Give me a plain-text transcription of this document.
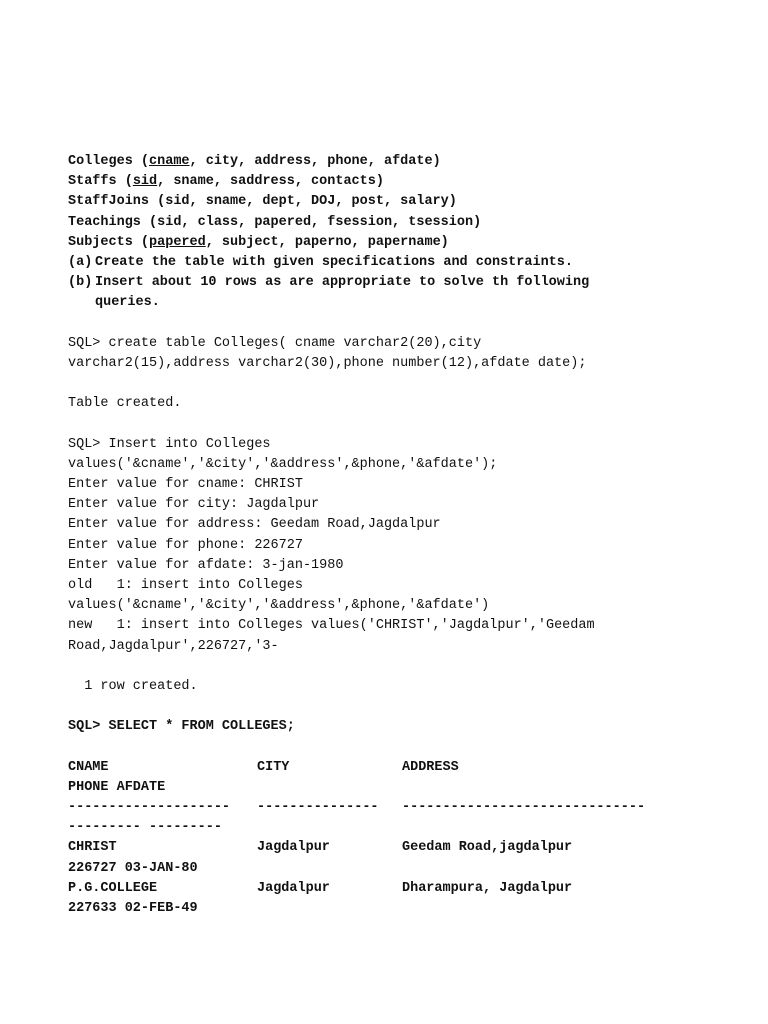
Colleges (cname, city, address, phone, afdate)
Staffs (sid, sname, saddress, contacts)
StaffJoins (sid, sname, dept, DOJ, post, salary)
Teachings (sid, class, papered, fsession, tsession)
Subjects (papered, subject, paperno, papername)
(a) Create the table with given specifications and constraints.
(b) Insert about 10 rows as are appropriate to solve th following
queries.
SQL> create table Colleges( cname varchar2(20),city
varchar2(15),address varchar2(30),phone number(12),afdate date);
Table created.
SQL> Insert into Colleges
values('&cname','&city','&address',&phone,'&afdate');
Enter value for cname: CHRIST
Enter value for city: Jagdalpur
Enter value for address: Geedam Road,Jagdalpur
Enter value for phone: 226727
Enter value for afdate: 3-jan-1980
old   1: insert into Colleges
values('&cname','&city','&address',&phone,'&afdate')
new   1: insert into Colleges values('CHRIST','Jagdalpur','Geedam
Road,Jagdalpur',226727,'3-
1 row created.
SQL> SELECT * FROM COLLEGES;
CNAME	CITY	ADDRESS
PHONE AFDATE
--------------------	---------------	------------------------------
--------- ---------
CHRIST	Jagdalpur	Geedam Road,jagdalpur
226727 03-JAN-80
P.G.COLLEGE	Jagdalpur	Dharampura, Jagdalpur
227633 02-FEB-49
